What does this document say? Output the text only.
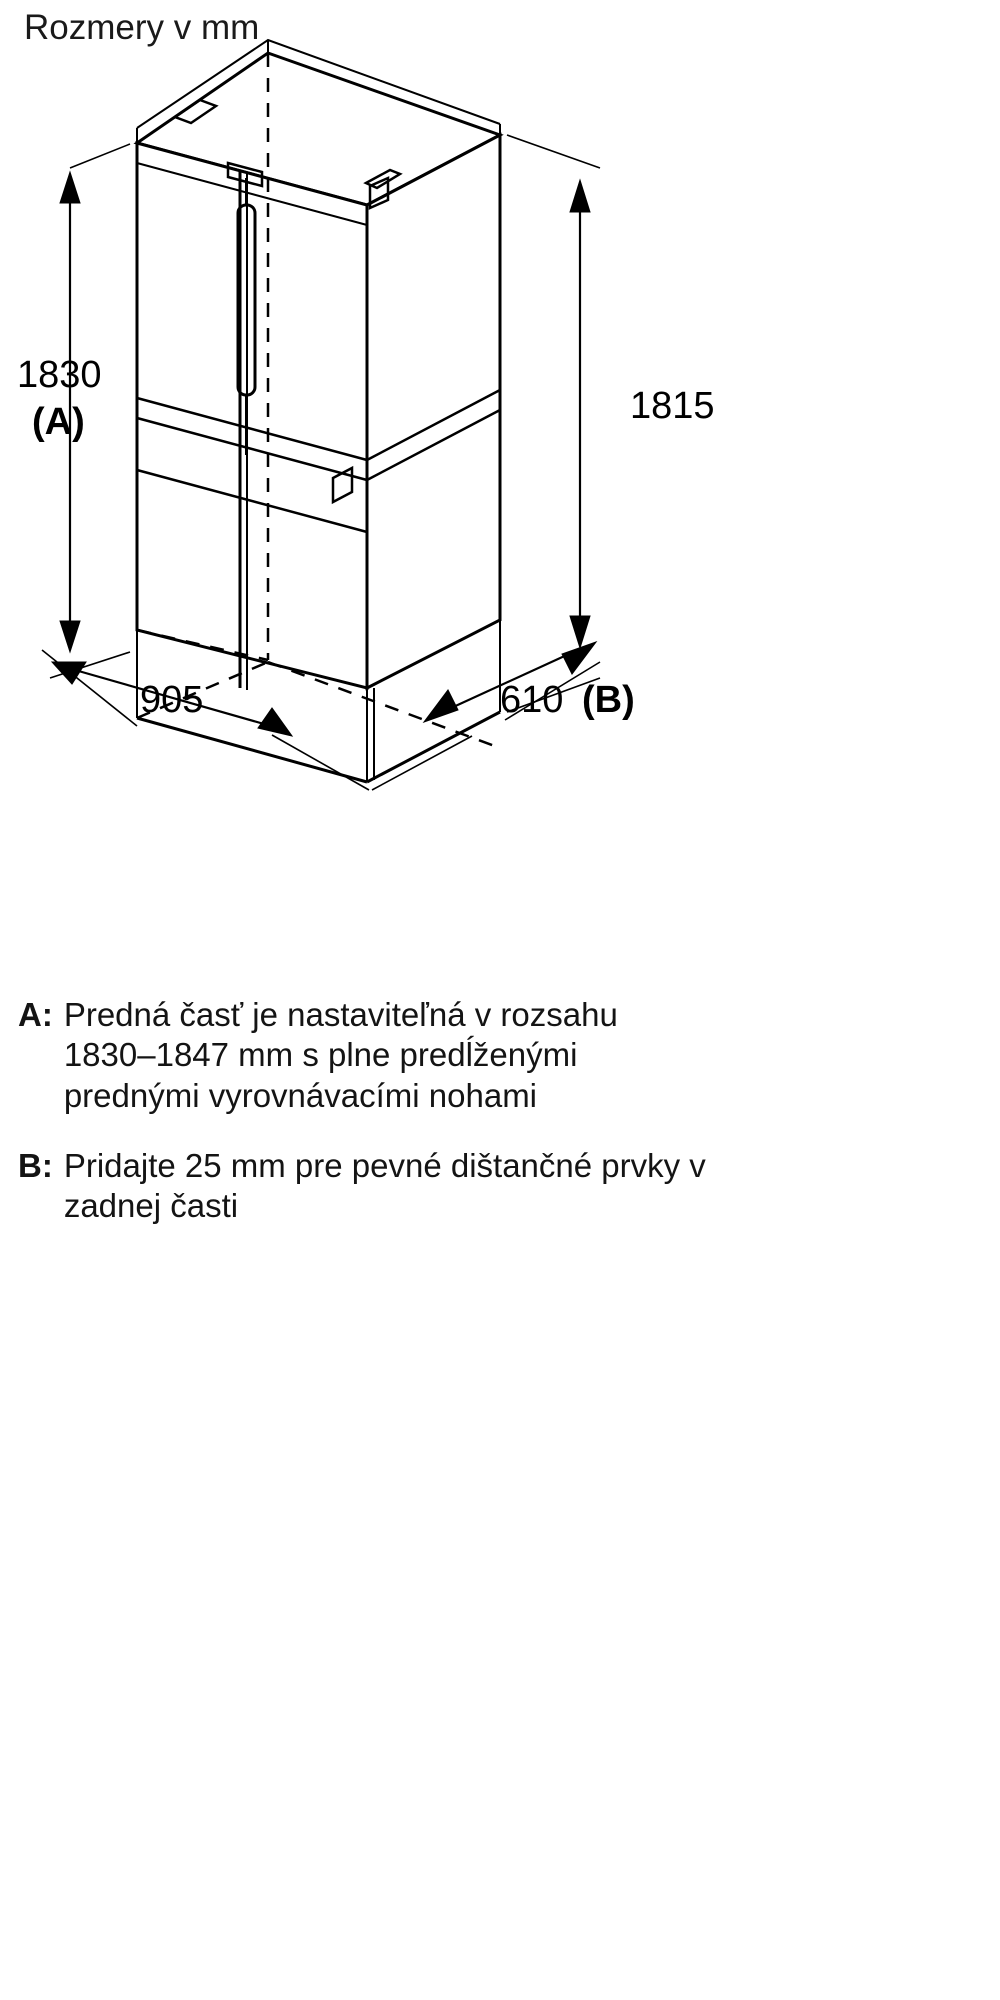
Rozmery v mm
1830
(A)	1815
905	610 (B)
A: Predná časť je nastaviteľná v rozsahu 1830–1847 mm s plne predĺženými prednými vyrovnávacími nohami
B: Pridajte 25 mm pre pevné dištančné prvky v zadnej časti
